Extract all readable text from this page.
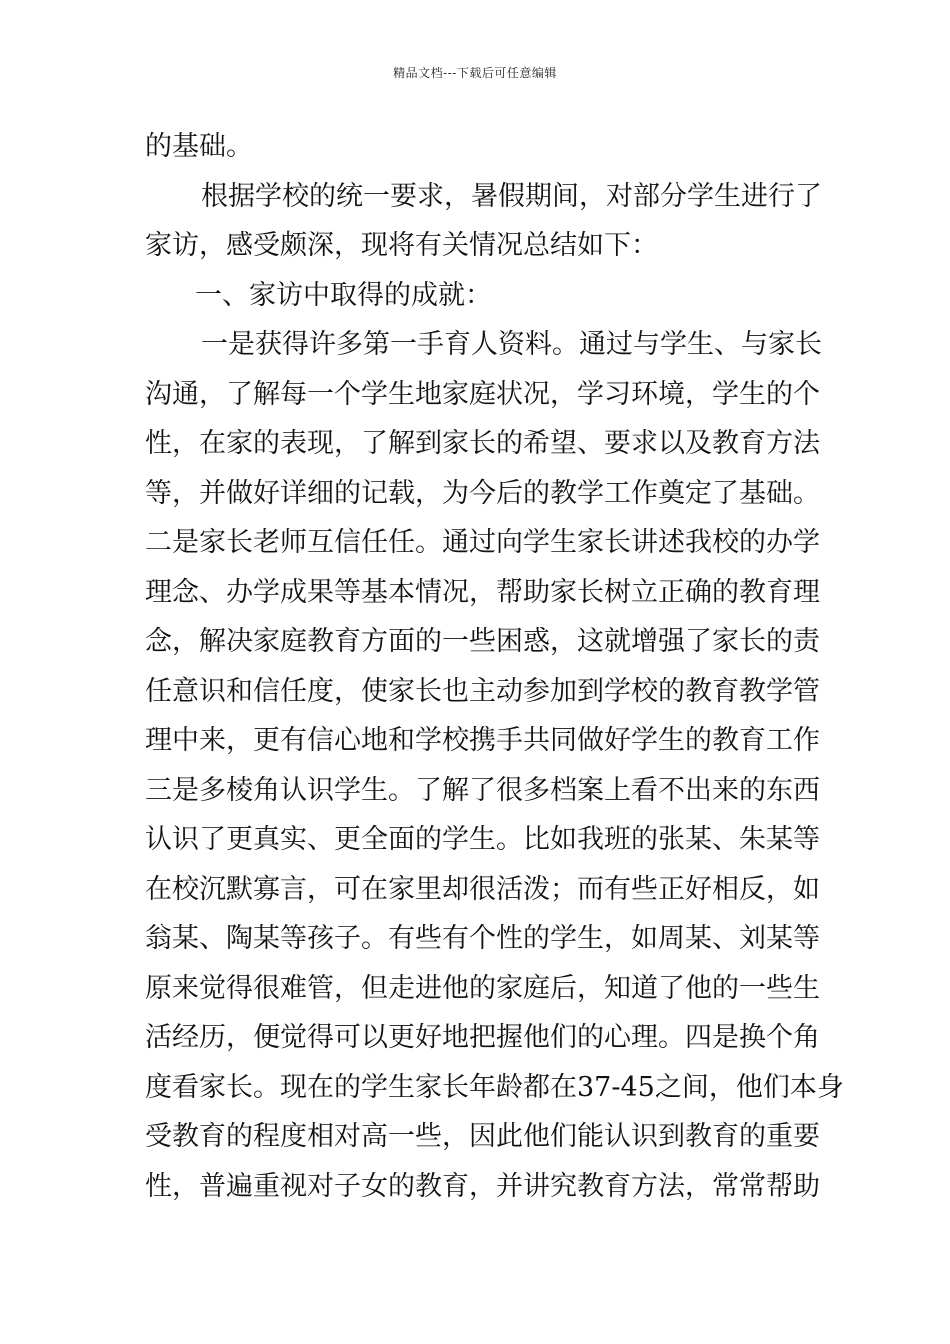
精品文档---下载后可任意编辑
的基础。
根据学校的统一要求，暑假期间，对部分学生进行了
家访，感受颇深，现将有关情况总结如下：
一、家访中取得的成就：
一是获得许多第一手育人资料。通过与学生、与家长
沟通，了解每一个学生地家庭状况，学习环境，学生的个
性，在家的表现，了解到家长的希望、要求以及教育方法
等，并做好详细的记载，为今后的教学工作奠定了基础。
二是家长老师互信任任。通过向学生家长讲述我校的办学
理念、办学成果等基本情况，帮助家长树立正确的教育理
念，解决家庭教育方面的一些困惑，这就增强了家长的责
任意识和信任度，使家长也主动参加到学校的教育教学管
理中来，更有信心地和学校携手共同做好学生的教育工作
三是多棱角认识学生。了解了很多档案上看不出来的东西
认识了更真实、更全面的学生。比如我班的张某、朱某等
在校沉默寡言，可在家里却很活泼；而有些正好相反，如
翁某、陶某等孩子。有些有个性的学生，如周某、刘某等
原来觉得很难管，但走进他的家庭后，知道了他的一些生
活经历，便觉得可以更好地把握他们的心理。四是换个角
度看家长。现在的学生家长年龄都在37-45之间，他们本身
受教育的程度相对高一些，因此他们能认识到教育的重要
性，普遍重视对子女的教育，并讲究教育方法，常常帮助
